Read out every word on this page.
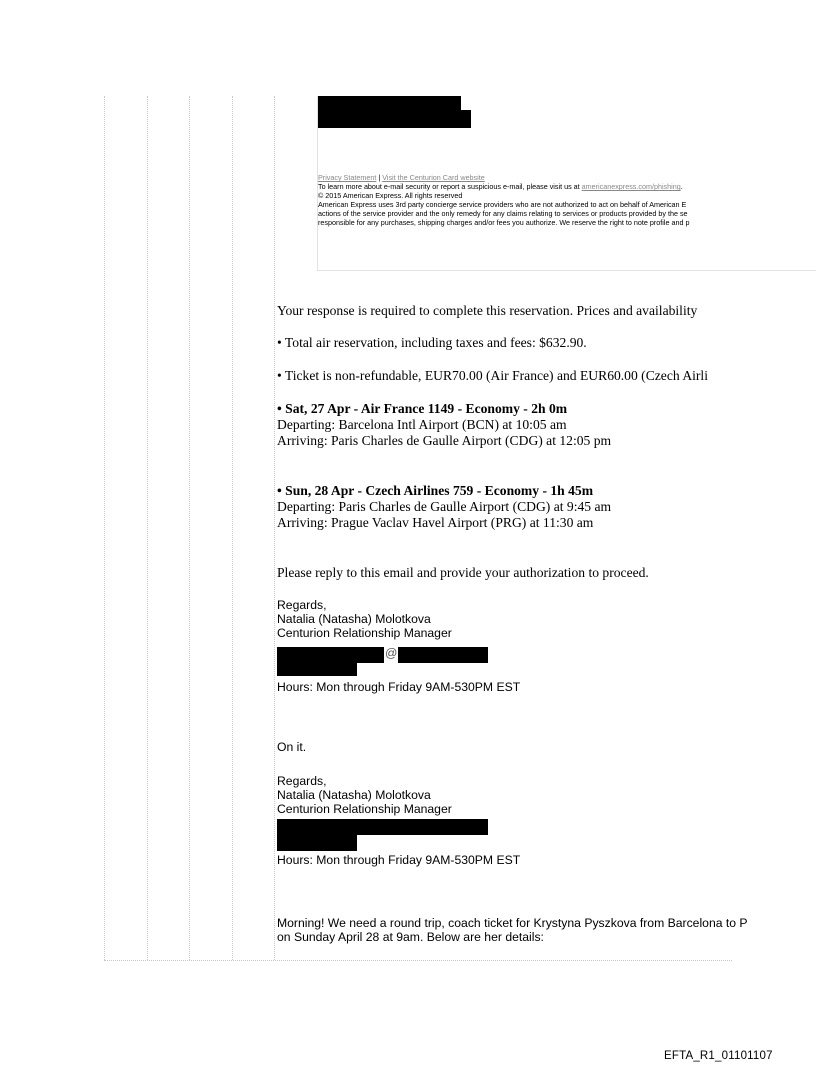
Privacy Statement | Visit the Centurion Card website
To learn more about e-mail security or report a suspicious e-mail, please visit us at americanexpress.com/phishing.
© 2015 American Express. All rights reserved
American Express uses 3rd party concierge service providers who are not authorized to act on behalf of American E
actions of the service provider and the only remedy for any claims relating to services or products provided by the se
responsible for any purchases, shipping charges and/or fees you authorize. We reserve the right to note profile and p
Your response is required to complete this reservation. Prices and availability
• Total air reservation, including taxes and fees: $632.90.
• Ticket is non-refundable, EUR70.00 (Air France) and EUR60.00 (Czech Airli
• Sat, 27 Apr - Air France 1149 - Economy - 2h 0m
Departing: Barcelona Intl Airport (BCN) at 10:05 am
Arriving: Paris Charles de Gaulle Airport (CDG) at 12:05 pm
• Sun, 28 Apr - Czech Airlines 759 - Economy - 1h 45m
Departing: Paris Charles de Gaulle Airport (CDG) at 9:45 am
Arriving: Prague Vaclav Havel Airport (PRG) at 11:30 am
Please reply to this email and provide your authorization to proceed.
Regards,
Natalia (Natasha) Molotkova
Centurion Relationship Manager
@
Hours: Mon through Friday 9AM-530PM EST
On it.
Regards,
Natalia (Natasha) Molotkova
Centurion Relationship Manager
Hours: Mon through Friday 9AM-530PM EST
Morning! We need a round trip, coach ticket for Krystyna Pyszkova from Barcelona to P
on Sunday April 28 at 9am. Below are her details:
EFTA_R1_01101107
